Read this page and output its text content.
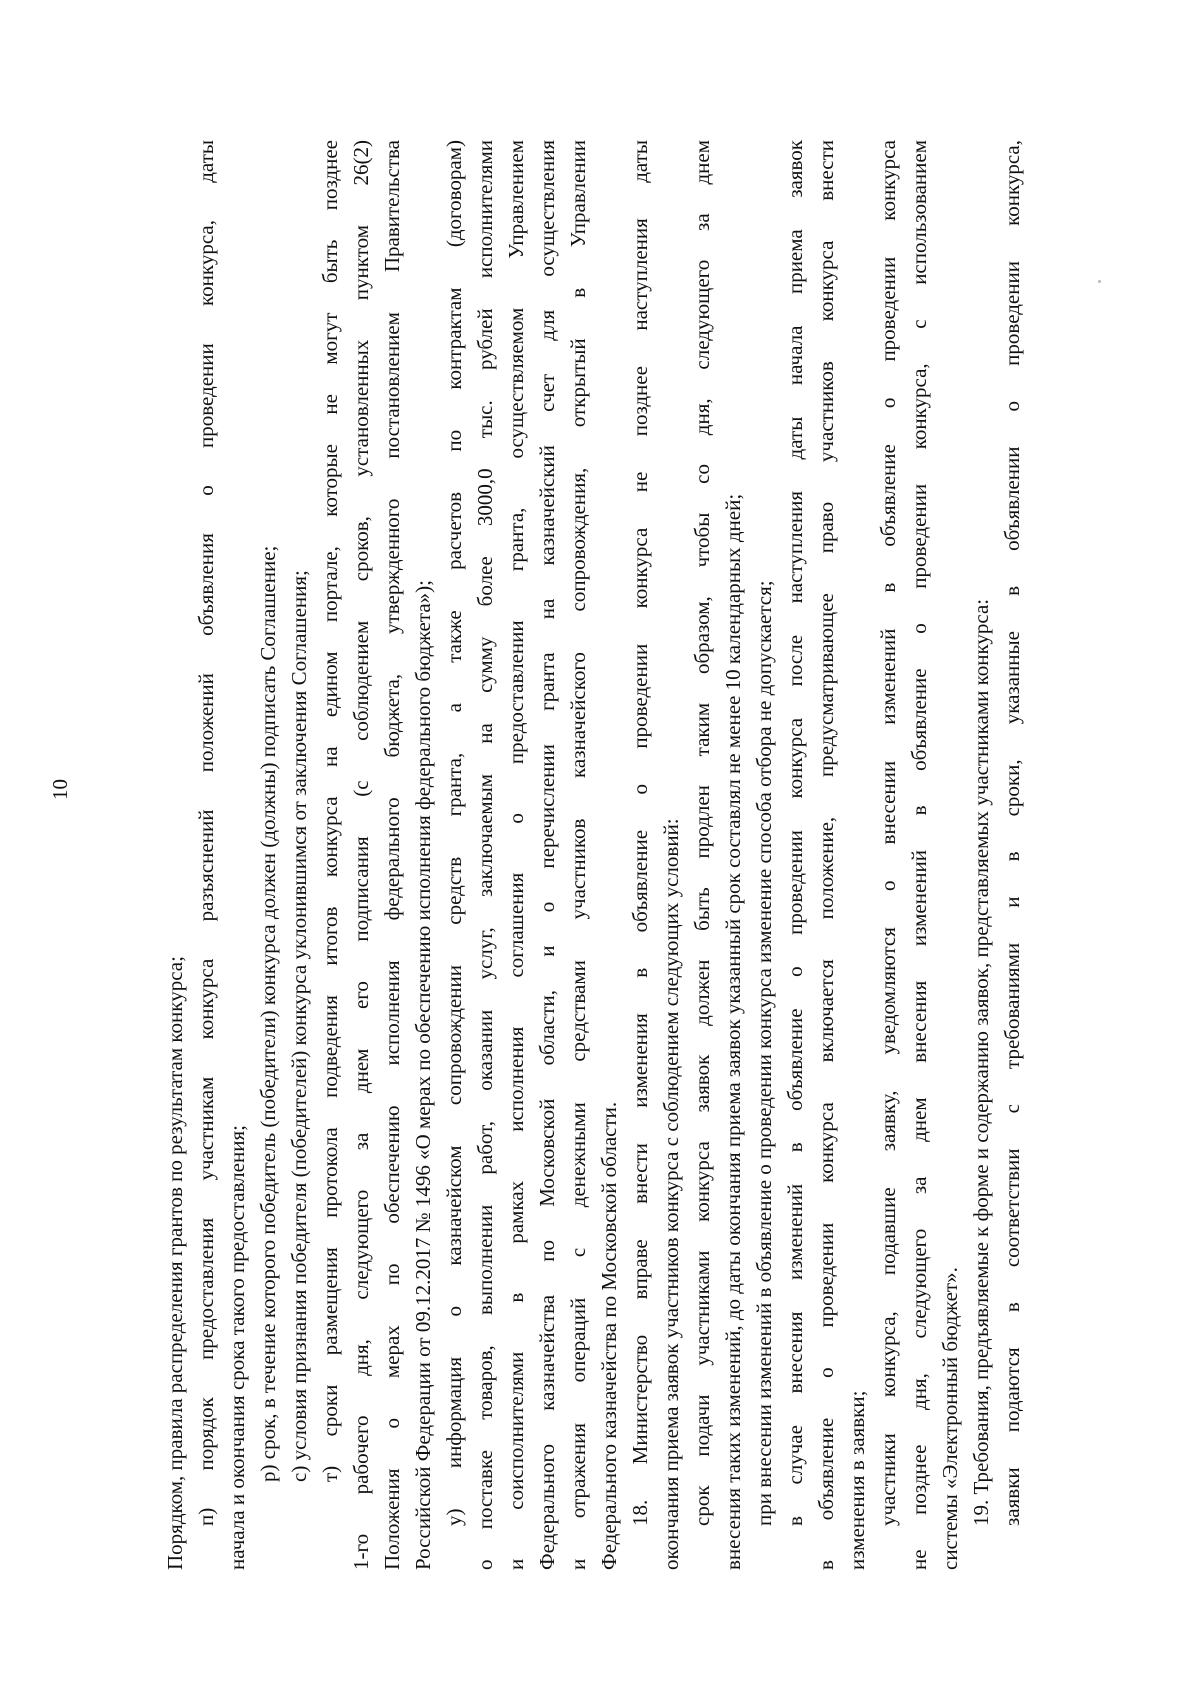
10
Порядком, правила распределения грантов по результатам конкурса; п) порядок предоставления участникам конкурса разъяснений положений объявления о проведении конкурса, даты начала и окончания срока такого предоставления; р) срок, в течение которого победитель (победители) конкурса должен (должны) подписать Соглашение; с) условия признания победителя (победителей) конкурса уклонившимся от заключения Соглашения; т) сроки размещения протокола подведения итогов конкурса на едином портале, которые не могут быть позднее 1-го рабочего дня, следующего за днем его подписания (с соблюдением сроков, установленных пунктом 26(2) Положения о мерах по обеспечению исполнения федерального бюджета, утвержденного постановлением Правительства Российской Федерации от 09.12.2017 № 1496 «О мерах по обеспечению исполнения федерального бюджета»); у) информация о казначейском сопровождении средств гранта, а также расчетов по контрактам (договорам) о поставке товаров, выполнении работ, оказании услуг, заключаемым на сумму более 3000,0 тыс. рублей исполнителями и соисполнителями в рамках исполнения соглашения о предоставлении гранта, осуществляемом Управлением Федерального казначейства по Московской области, и о перечислении гранта на казначейский счет для осуществления и отражения операций с денежными средствами участников казначейского сопровождения, открытый в Управлении Федерального казначейства по Московской области. 18. Министерство вправе внести изменения в объявление о проведении конкурса не позднее наступления даты окончания приема заявок участников конкурса с соблюдением следующих условий: срок подачи участниками конкурса заявок должен быть продлен таким образом, чтобы со дня, следующего за днем внесения таких изменений, до даты окончания приема заявок указанный срок составлял не менее 10 календарных дней; при внесении изменений в объявление о проведении конкурса изменение способа отбора не допускается; в случае внесения изменений в объявление о проведении конкурса после наступления даты начала приема заявок в объявление о проведении конкурса включается положение, предусматривающее право участников конкурса внести изменения в заявки; участники конкурса, подавшие заявку, уведомляются о внесении изменений в объявление о проведении конкурса не позднее дня, следующего за днем внесения изменений в объявление о проведении конкурса, с использованием системы «Электронный бюджет». 19. Требования, предъявляемые к форме и содержанию заявок, представляемых участниками конкурса: заявки подаются в соответствии с требованиями и в сроки, указанные в объявлении о проведении конкурса,
